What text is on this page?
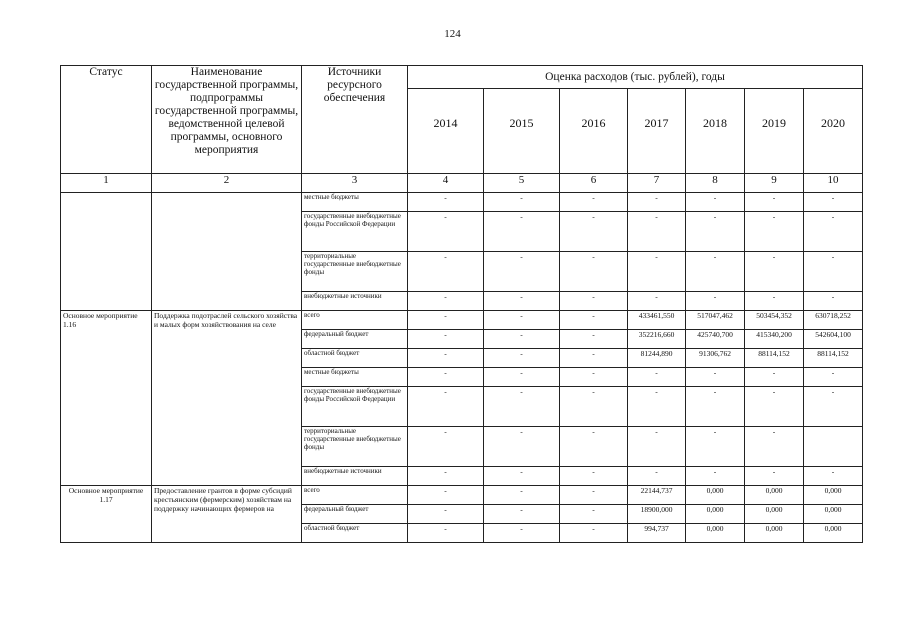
124
Статус	Наименование государственной программы, подпрограммы государственной программы, ведомственной целевой программы, основного мероприятия	Источники ресурсного обеспечения	Оценка расходов (тыс. рублей), годы						
			2014	2015	2016	2017	2018	2019	2020
1	2	3	4	5	6	7	8	9	10
		местные бюджеты	-	-	-	-	-	-	-
		государственные внебюджетные фонды Российской Федерации	-	-	-	-	-	-	-
		территориальные государственные внебюджетные фонды	-	-	-	-	-	-	-
		внебюджетные источники	-	-	-	-	-	-	-
Основное мероприятие 1.16	Поддержка подотраслей сельского хозяйства и малых форм хозяйствования на селе	всего	-	-	-	433461,550	517047,462	503454,352	630718,252
		федеральный бюджет	-	-	-	352216,660	425740,700	415340,200	542604,100
		областной бюджет	-	-	-	81244,890	91306,762	88114,152	88114,152
		местные бюджеты	-	-	-	-	-	-	-
		государственные внебюджетные фонды Российской Федерации	-	-	-	-	-	-	-
		территориальные государственные внебюджетные фонды	-	-	-	-	-	-	
		внебюджетные источники	-	-	-	-	-	-	-
Основное мероприятие 1.17	Предоставление грантов в форме субсидий крестьянским (фермерским) хозяйствам на поддержку начинающих фермеров на	всего	-	-	-	22144,737	0,000	0,000	0,000
		федеральный бюджет	-	-	-	18900,000	0,000	0,000	0,000
		областной бюджет	-	-	-	994,737	0,000	0,000	0,000
